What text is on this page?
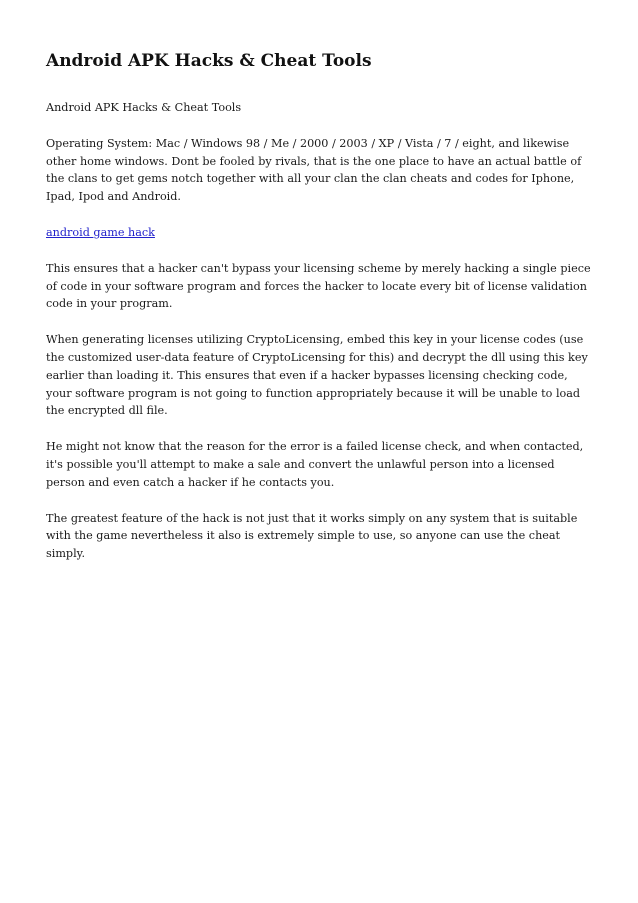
Android APK Hacks & Cheat Tools

Android APK Hacks & Cheat Tools

Operating System: Mac / Windows 98 / Me / 2000 / 2003 / XP / Vista / 7 / eight, and likewise other home windows. Dont be fooled by rivals, that is the one place to have an actual battle of the clans to get gems notch together with all your clan the clan cheats and codes for Iphone, Ipad, Ipod and Android.

android game hack

This ensures that a hacker can't bypass your licensing scheme by merely hacking a single piece of code in your software program and forces the hacker to locate every bit of license validation code in your program.

When generating licenses utilizing CryptoLicensing, embed this key in your license codes (use the customized user-data feature of CryptoLicensing for this) and decrypt the dll using this key earlier than loading it. This ensures that even if a hacker bypasses licensing checking code, your software program is not going to function appropriately because it will be unable to load the encrypted dll file.

He might not know that the reason for the error is a failed license check, and when contacted, it's possible you'll attempt to make a sale and convert the unlawful person into a licensed person and even catch a hacker if he contacts you.

The greatest feature of the hack is not just that it works simply on any system that is suitable with the game nevertheless it also is extremely simple to use, so anyone can use the cheat simply.
